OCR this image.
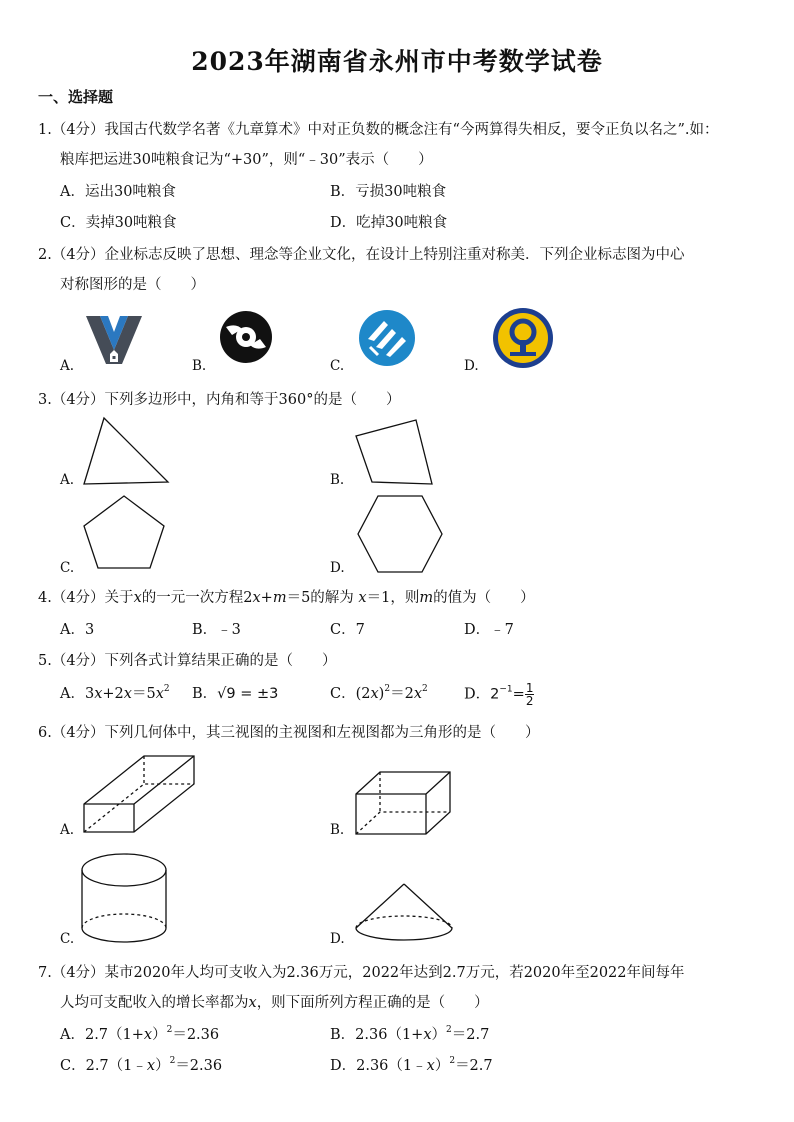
2023年湖南省永州市中考数学试卷
一、选择题
1.（4分）我国古代数学名著《九章算术》中对正负数的概念注有“今两算得失相反，要令正负以名之”.如：
粮库把运进30吨粮食记为“+30”，则“﹣30”表示（　　）
A．运出30吨粮食	B．亏损30吨粮食
C．卖掉30吨粮食	D．吃掉30吨粮食
2.（4分）企业标志反映了思想、理念等企业文化，在设计上特别注重对称美．下列企业标志图为中心
对称图形的是（　　）
A.	B.	C.	D.
3.（4分）下列多边形中，内角和等于360°的是（　　）
A.	B.
C.	D.
4.（4分）关于x的一元一次方程2x+m＝5的解为 x＝1，则m的值为（　　）
A．3	B．﹣3	C．7	D．﹣7
5.（4分）下列各式计算结果正确的是（　　）
A．$3x+2x=5x^2$ B．√9 = ±3	C．$(2x)^2=2x^2$	D．$2^{-1}= \frac{1}{2}$
6.（4分）下列几何体中，其三视图的主视图和左视图都为三角形的是（　　）
A.	B.
C.	D.
7.（4分）某市2020年人均可支收入为2.36万元，2022年达到2.7万元，若2020年至2022年间每年
人均可支配收入的增长率都为x，则下面所列方程正确的是（　　）
A．$2.7(1+x)^2=2.36$	B．$2.36(1+x)^2=2.7$
C．2.7（1﹣x）$^2$＝2.36	D．2.36（1﹣x）$^2$＝2.7
